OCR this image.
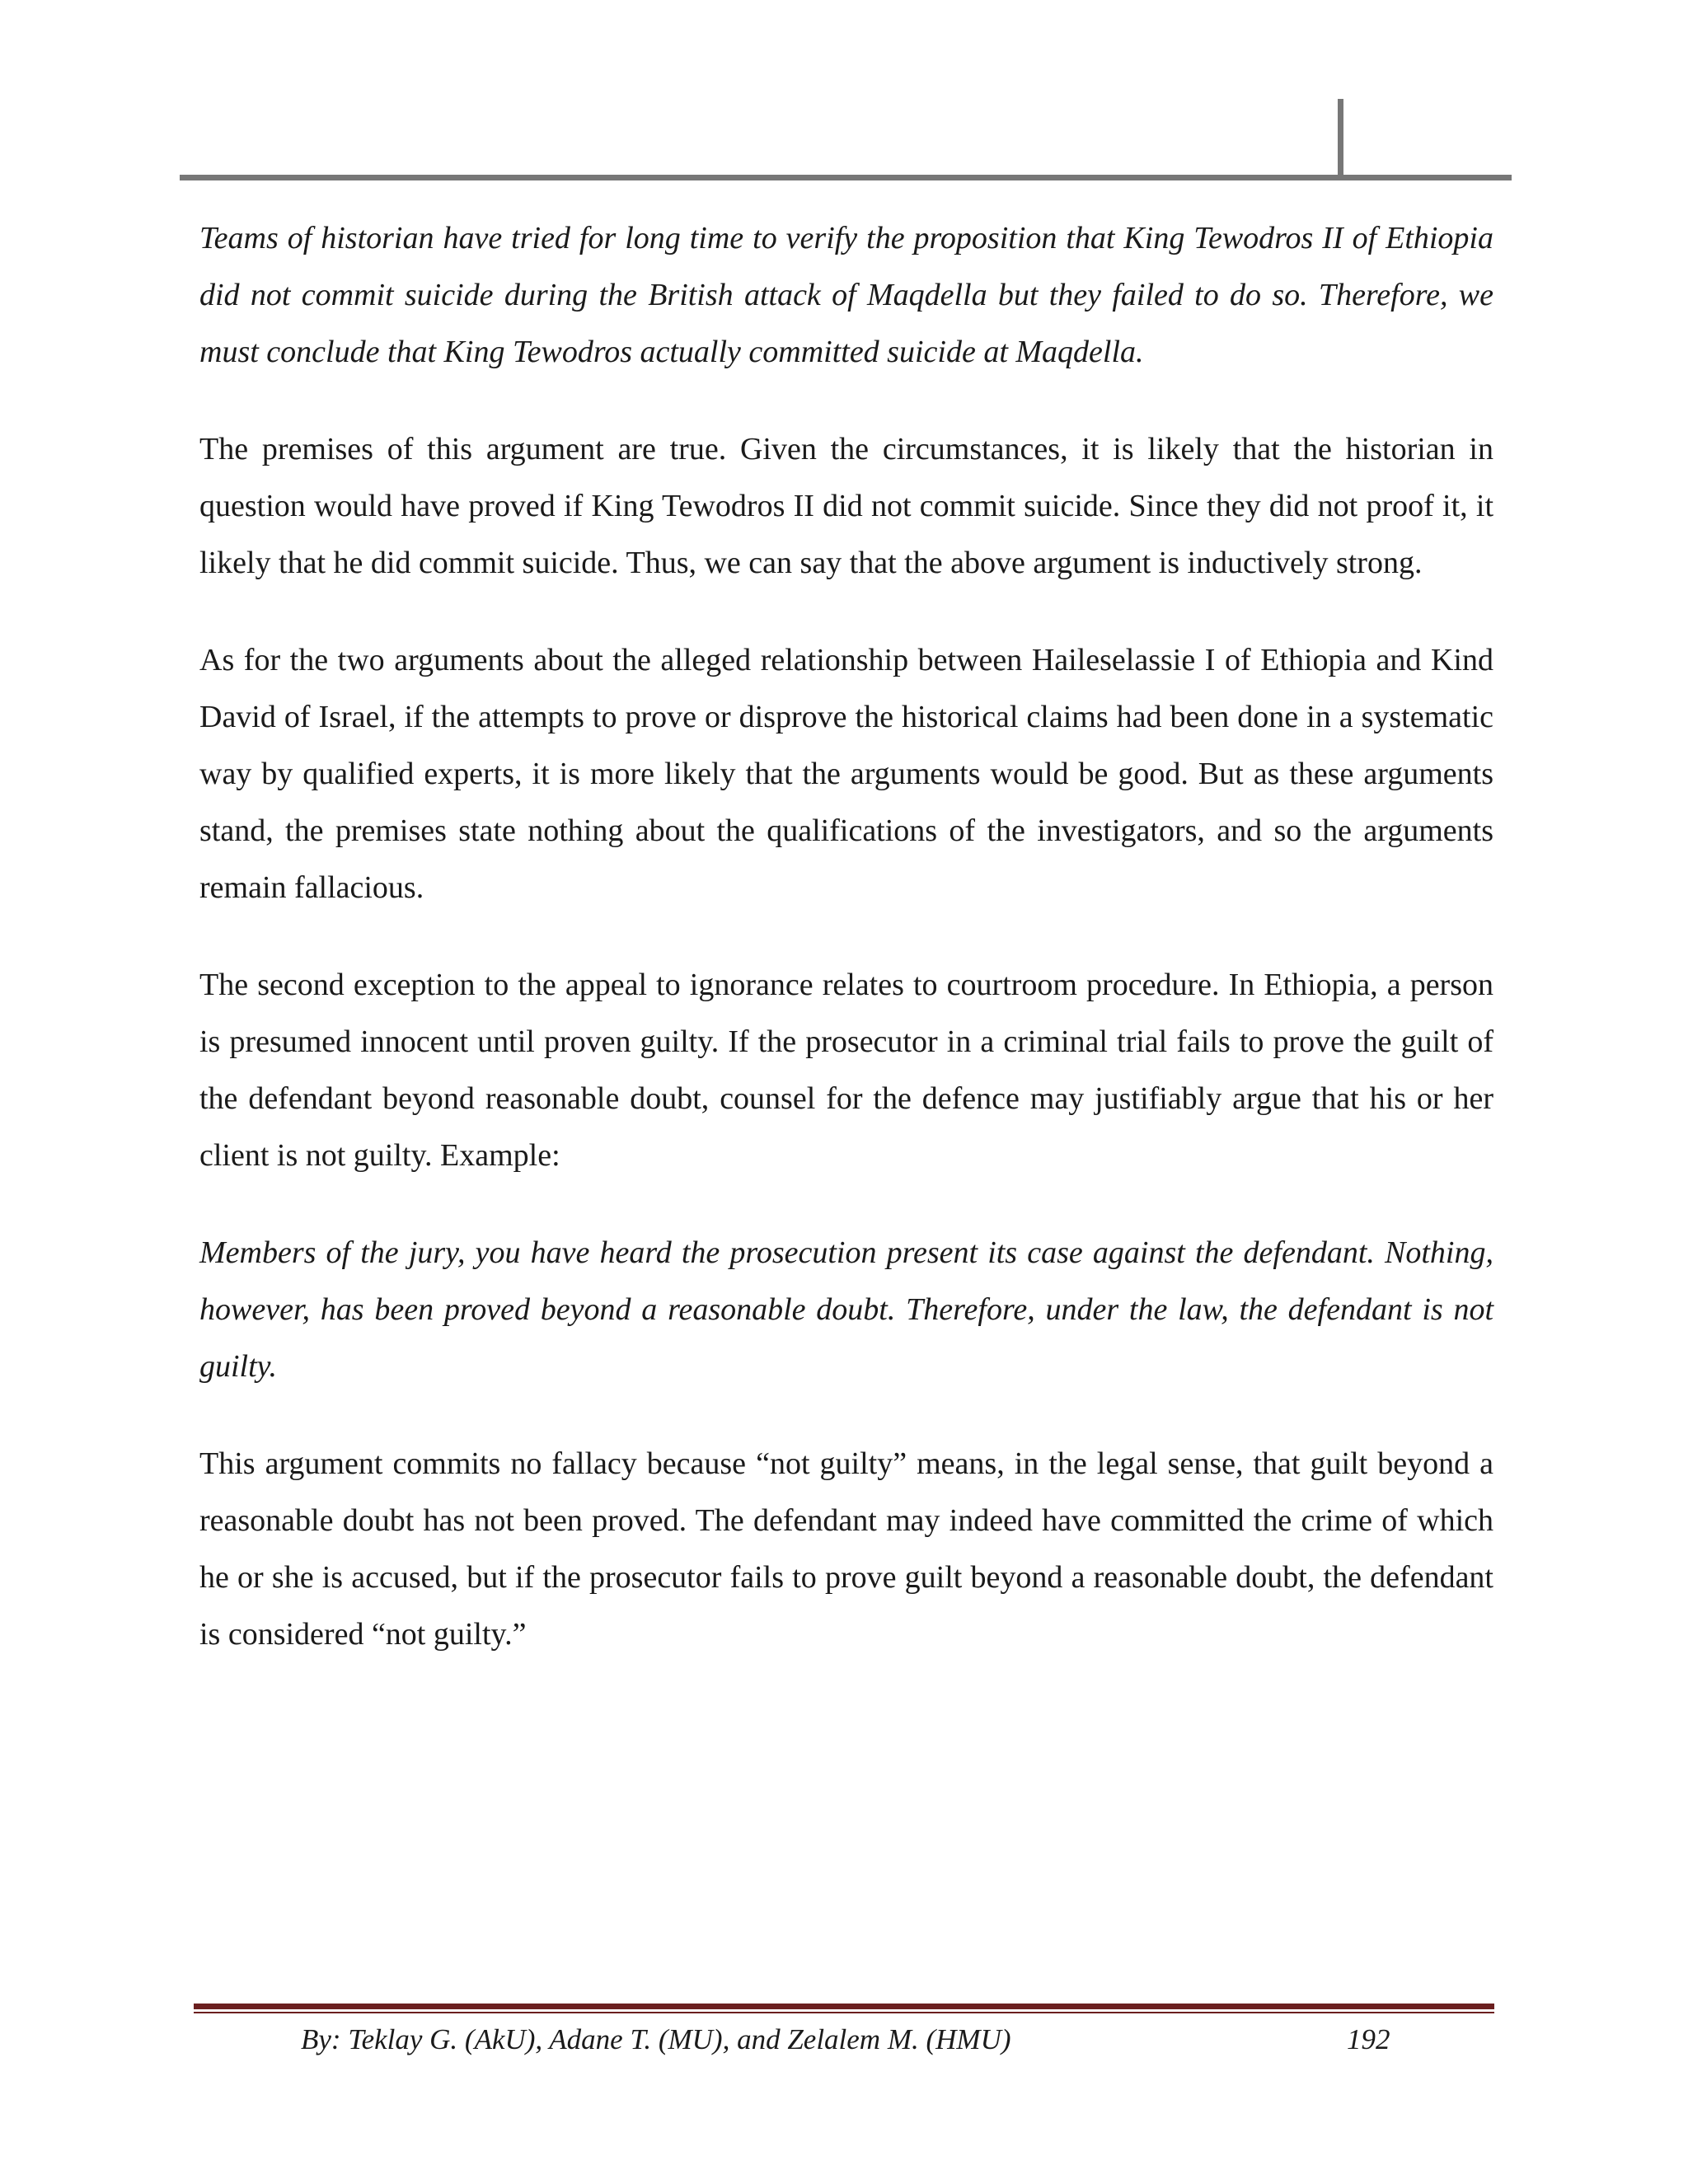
Teams of historian have tried for long time to verify the proposition that King Tewodros II of Ethiopia did not commit suicide during the British attack of Maqdella but they failed to do so. Therefore, we must conclude that King Tewodros actually committed suicide at Maqdella.

The premises of this argument are true. Given the circumstances, it is likely that the historian in question would have proved if King Tewodros II did not commit suicide. Since they did not proof it, it likely that he did commit suicide. Thus, we can say that the above argument is inductively strong.

As for the two arguments about the alleged relationship between Haileselassie I of Ethiopia and Kind David of Israel, if the attempts to prove or disprove the historical claims had been done in a systematic way by qualified experts, it is more likely that the arguments would be good. But as these arguments stand, the premises state nothing about the qualifications of the investigators, and so the arguments remain fallacious.

The second exception to the appeal to ignorance relates to courtroom procedure. In Ethiopia, a person is presumed innocent until proven guilty. If the prosecutor in a criminal trial fails to prove the guilt of the defendant beyond reasonable doubt, counsel for the defence may justifiably argue that his or her client is not guilty. Example:

Members of the jury, you have heard the prosecution present its case against the defendant. Nothing, however, has been proved beyond a reasonable doubt. Therefore, under the law, the defendant is not guilty.

This argument commits no fallacy because “not guilty” means, in the legal sense, that guilt beyond a reasonable doubt has not been proved. The defendant may indeed have committed the crime of which he or she is accused, but if the prosecutor fails to prove guilt beyond a reasonable doubt, the defendant is considered “not guilty.”

By: Teklay G. (AkU), Adane T. (MU), and Zelalem M. (HMU)	192
